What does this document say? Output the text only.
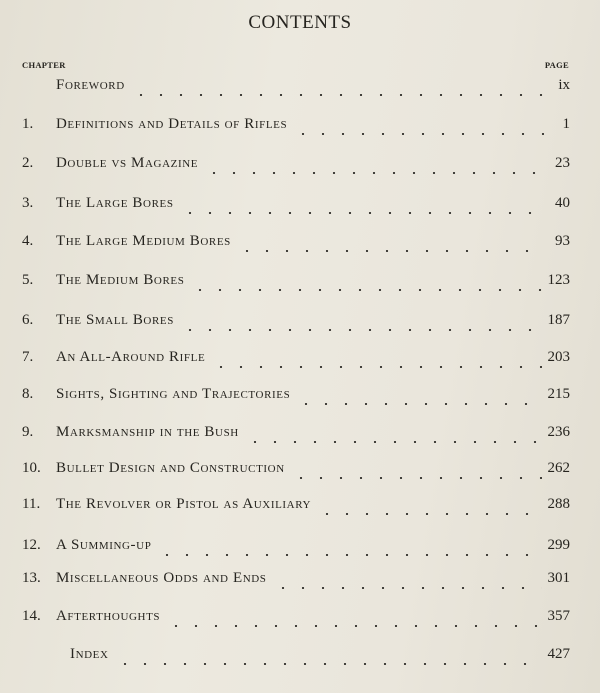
CONTENTS
CHAPTER	PAGE
Foreword	ix
1.	Definitions and Details of Rifles	1
2.	Double vs Magazine	23
3.	The Large Bores	40
4.	The Large Medium Bores	93
5.	The Medium Bores	123
6.	The Small Bores	187
7.	An All-Around Rifle	203
8.	Sights, Sighting and Trajectories	215
9.	Marksmanship in the Bush	236
10.	Bullet Design and Construction	262
11.	The Revolver or Pistol as Auxiliary	288
12.	A Summing-up	299
13.	Miscellaneous Odds and Ends	301
14.	Afterthoughts	357
Index	427
